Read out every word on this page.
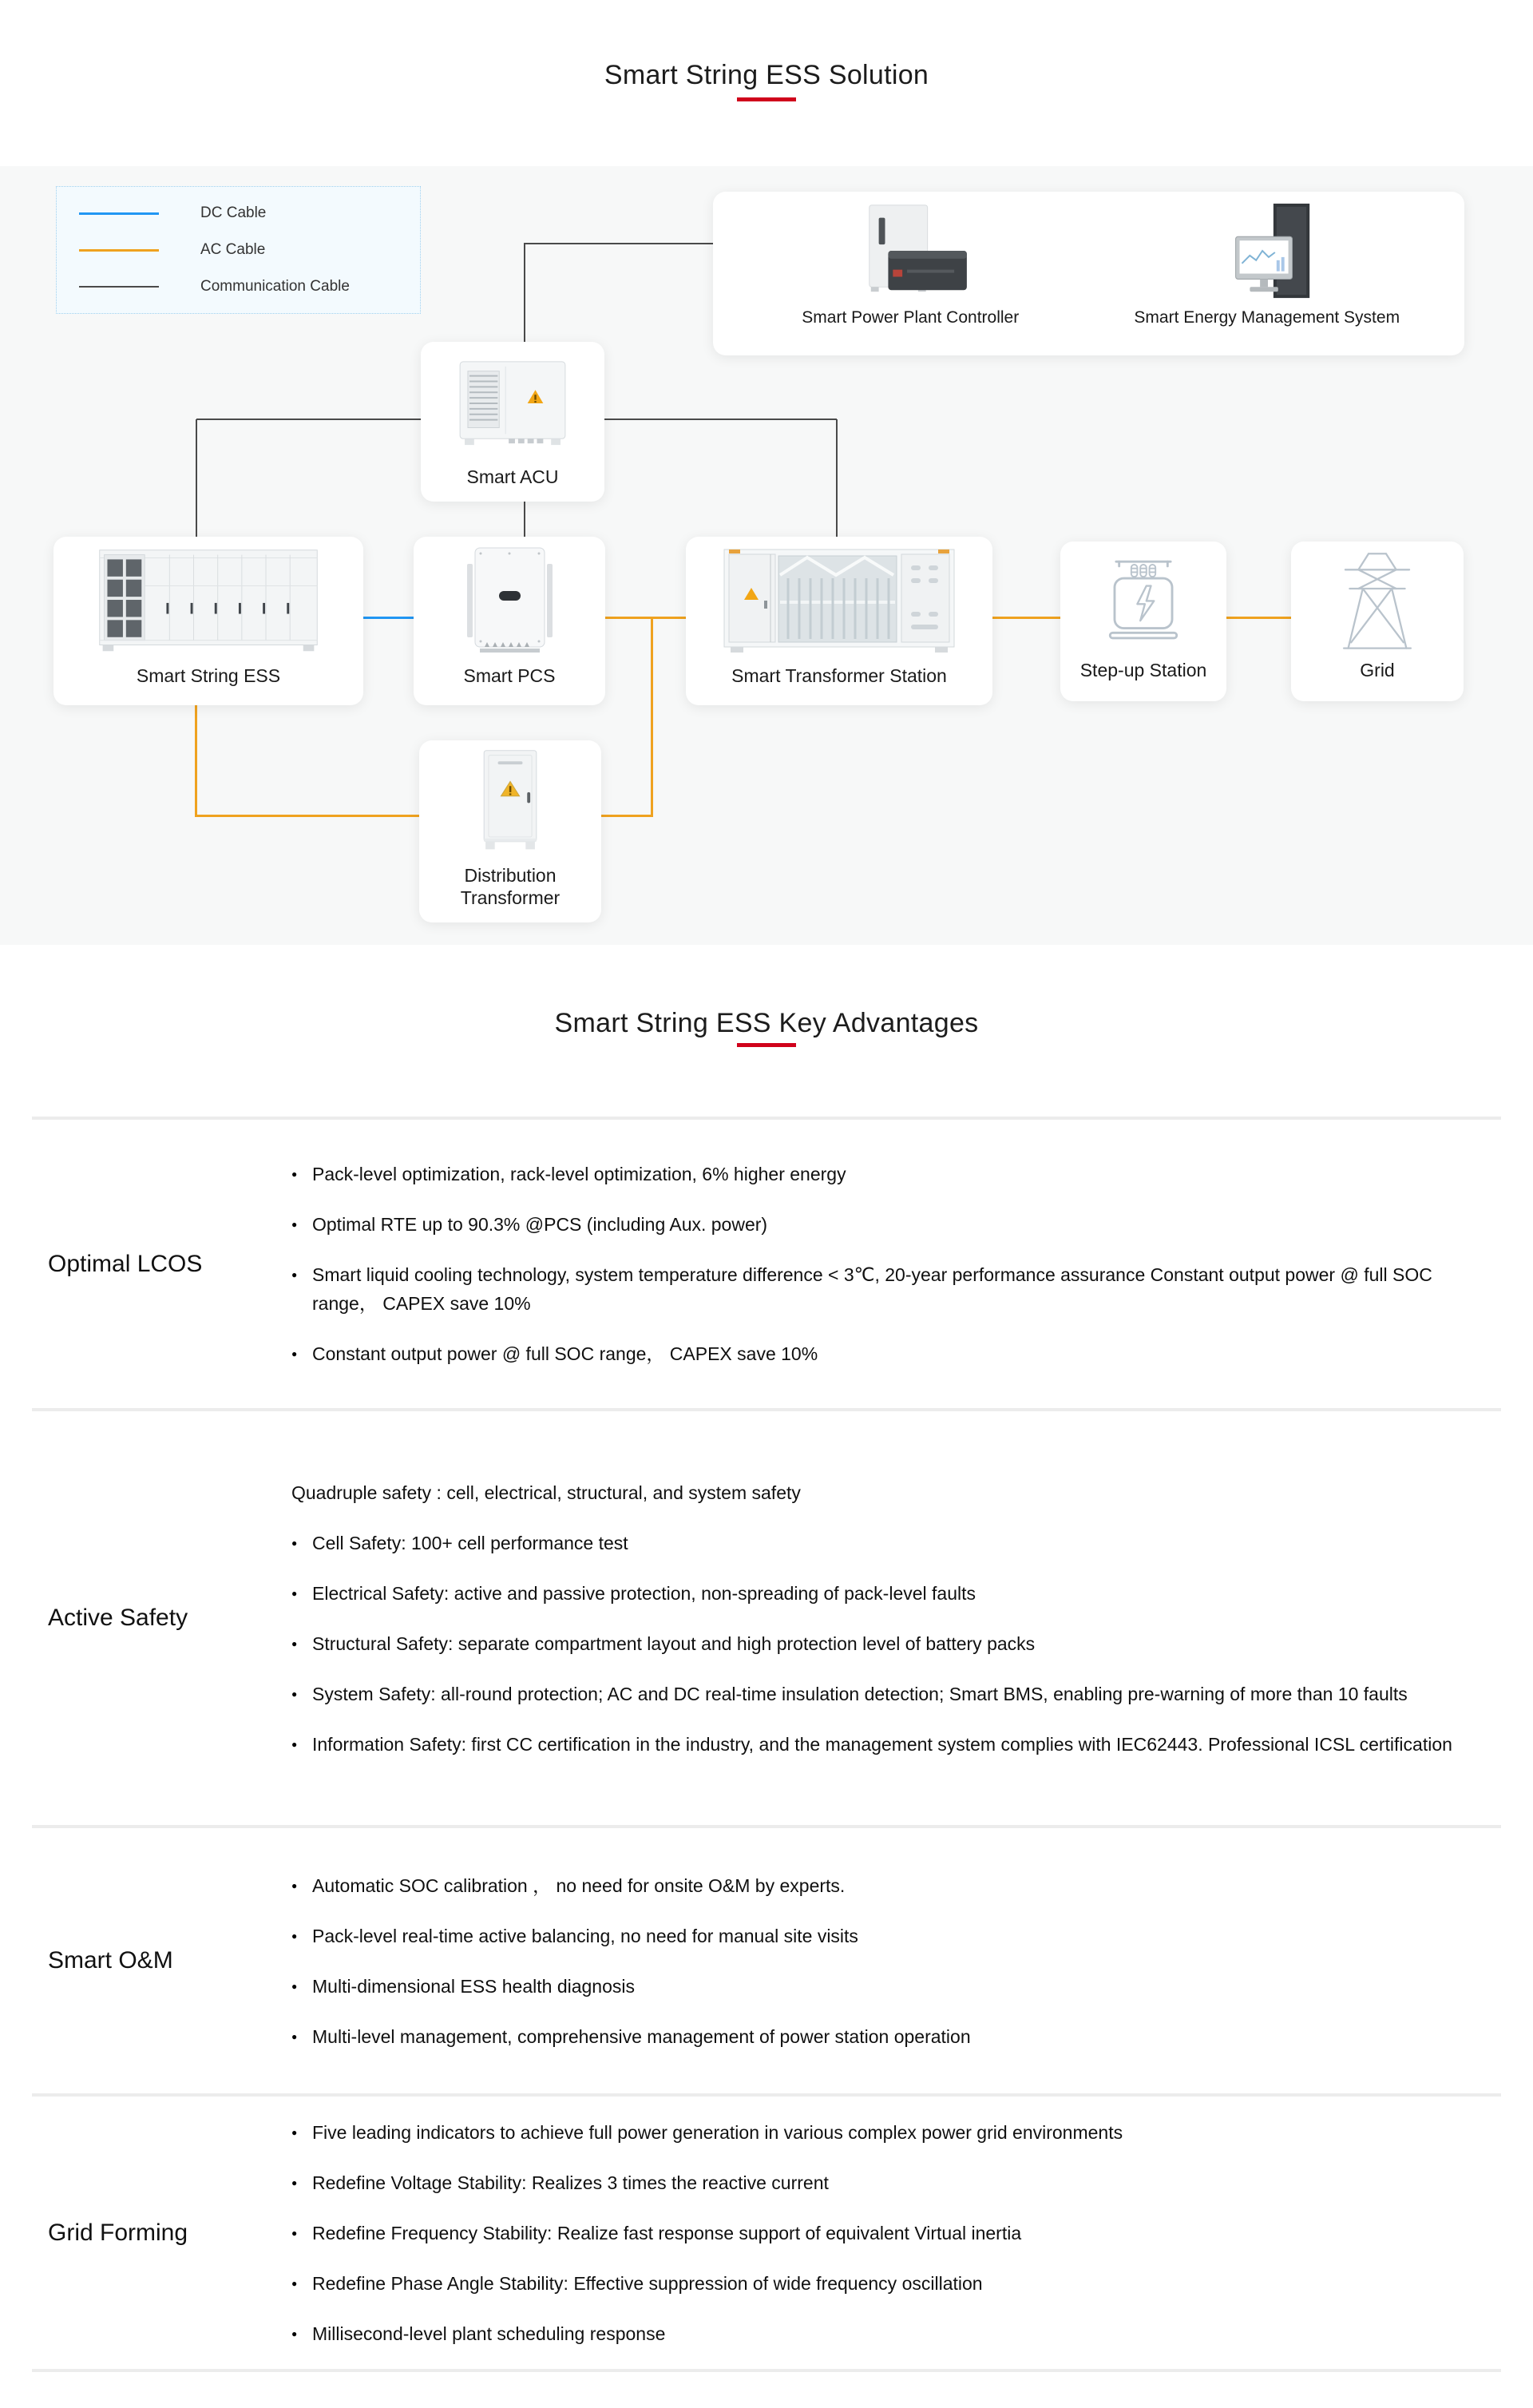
Smart String ESS Solution
DC Cable
AC Cable
Communication Cable
Smart Power Plant Controller	Smart Energy Management System
Smart ACU
Smart String ESS	Smart PCS	Smart Transformer Station	Step-up Station	Grid
Distribution Transformer
Smart String ESS Key Advantages
Optimal LCOS
● Pack-level optimization, rack-level optimization, 6% higher energy
● Optimal RTE up to 90.3% @PCS (including Aux. power)
● Smart liquid cooling technology, system temperature difference < 3℃, 20-year performance assurance Constant output power @ full SOC range， CAPEX save 10%
● Constant output power @ full SOC range， CAPEX save 10%
Active Safety
Quadruple safety : cell, electrical, structural, and system safety
● Cell Safety: 100+ cell performance test
● Electrical Safety: active and passive protection, non-spreading of pack-level faults
● Structural Safety: separate compartment layout and high protection level of battery packs
● System Safety: all-round protection; AC and DC real-time insulation detection; Smart BMS, enabling pre-warning of more than 10 faults
● Information Safety: first CC certification in the industry, and the management system complies with IEC62443. Professional ICSL certification
Smart O&M
● Automatic SOC calibration ， no need for onsite O&M by experts.
● Pack-level real-time active balancing, no need for manual site visits
● Multi-dimensional ESS health diagnosis
● Multi-level management, comprehensive management of power station operation
Grid Forming
● Five leading indicators to achieve full power generation in various complex power grid environments
● Redefine Voltage Stability: Realizes 3 times the reactive current
● Redefine Frequency Stability: Realize fast response support of equivalent Virtual inertia
● Redefine Phase Angle Stability: Effective suppression of wide frequency oscillation
● Millisecond-level plant scheduling response
